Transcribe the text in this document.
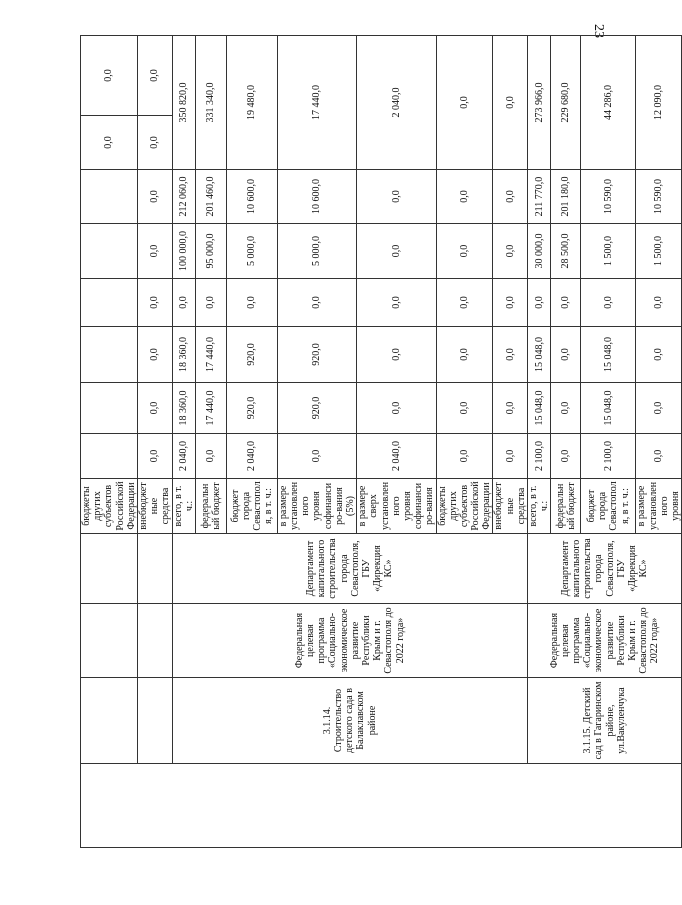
23
				бюджеты других субъектов Российской Федерации							0,0	0,0
				внебюджетные средства	0,0	0,0	0,0	0,0	0,0	0,0	0,0	0,0
	3.1.14. Строительство детского сада в Балаклавском районе	Федеральная целевая программа «Социально-экономическое развитие Республики Крым и г. Севастополя до 2022 года»	Департамент капитального строительства города Севастополя, ГБУ «Дирекция КС»	всего, в т. ч.:	2 040,0	18 360,0	18 360,0	0,0	100 000,0	212 060,0	350 820,0	
				федеральный бюджет	0,0	17 440,0	17 440,0	0,0	95 000,0	201 460,0	331 340,0	
				бюджет города Севастополя, в т. ч.:	2 040,0	920,0	920,0	0,0	5 000,0	10 600,0	19 480,0	
				в размере установленного уровня софинансиро-вания (5%)	0,0	920,0	920,0	0,0	5 000,0	10 600,0	17 440,0	
				в размере сверх установленного уровня софинансиро-вания	2 040,0	0,0	0,0	0,0	0,0	0,0	2 040,0	
				бюджеты других субъектов Российской Федерации	0,0	0,0	0,0	0,0	0,0	0,0	0,0	
				внебюджетные средства	0,0	0,0	0,0	0,0	0,0	0,0	0,0	
	3.1.15. Детский сад в Гагаринском районе, ул.Вакуленчука	Федеральная целевая программа «Социально-экономическое развитие Республики Крым и г. Севастополя до 2022 года»	Департамент капитального строительства города Севастополя, ГБУ «Дирекция КС»	всего, в т. ч.:	2 100,0	15 048,0	15 048,0	0,0	30 000,0	211 770,0	273 966,0	
				федеральный бюджет	0,0	0,0	0,0	0,0	28 500,0	201 180,0	229 680,0	
				бюджет города Севастополя, в т. ч.:	2 100,0	15 048,0	15 048,0	0,0	1 500,0	10 590,0	44 286,0	
				в размере установленного уровня	0,0	0,0	0,0	0,0	1 500,0	10 590,0	12 090,0	
